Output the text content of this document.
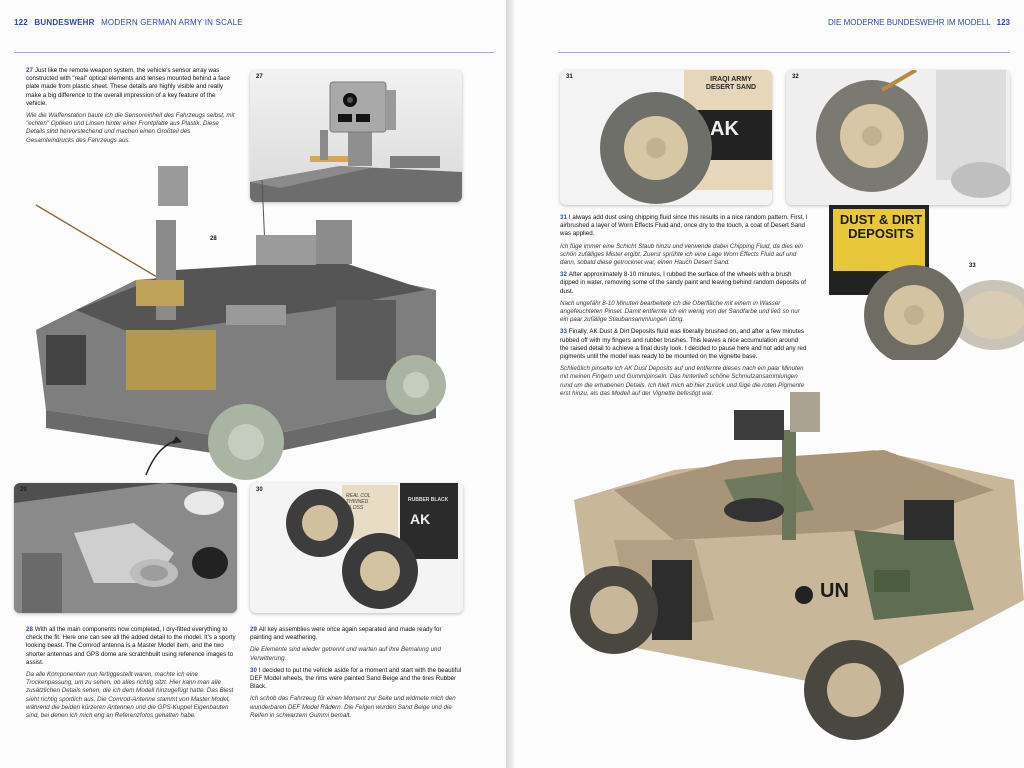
122 BUNDESWEHR MODERN GERMAN ARMY IN SCALE

27 Just like the remote weapon system, the vehicle's sensor array was constructed with "real" optical elements and lenses mounted behind a face plate made from plastic sheet. These details are highly visible and really make a big difference to the overall impression of a key feature of the vehicle.

Wie die Waffenstation baute ich die Sensoreinheit des Fahrzeugs selbst, mit "echten" Optiken und Linsen hinter einer Frontplatte aus Plastik. Diese Details sind hervorstechend und machen einen Großteil des Gesamteindrucks des Fahrzeugs aus.

27
28
29	30
REAL COL
THINNED
GLOSS
RUBBER BLACK
AK

28 With all the main components now completed, I dry-fitted everything to check the fit. Here one can see all the added detail to the model. It's a sporty looking beast. The Comrod antenna is a Master Model item, and the two shorter antennas and GPS dome are scratchbuilt using reference images to assist.

Da alle Komponenten nun fertiggestellt waren, machte ich eine Trockenpassung, um zu sehen, ob alles richtig sitzt. Hier kann man alle zusätzlichen Details sehen, die ich dem Modell hinzugefügt hatte. Das Biest sieht richtig sportlich aus. Die Comrod-Antenne stammt von Master Model, während die beiden kürzeren Antennen und die GPS-Kuppel Eigenbauten sind, bei denen ich mich eng an Referenzfotos gehalten habe.

29 All key assemblies were once again separated and made ready for painting and weathering.

Die Elemente sind wieder getrennt und warten auf ihre Bemalung und Verwitterung.

30 I decided to put the vehicle aside for a moment and start with the beautiful DEF Model wheels, the rims were painted Sand Beige and the tires Rubber Black.

Ich schob das Fahrzeug für einen Moment zur Seite und widmete mich den wunderbaren DEF Model Rädern. Die Felgen wurden Sand Beige und die Reifen in schwarzem Gummi bemalt.

DIE MODERNE BUNDESWEHR IM MODELL 123
31	IRAQI ARMY
DESERT SAND
AK
32
DUST & DIRT
DEPOSITS
33

31 I always add dust using chipping fluid since this results in a nice random pattern. First, I airbrushed a layer of Worn Effects Fluid and, once dry to the touch, a coat of Desert Sand was applied.

Ich füge immer eine Schicht Staub hinzu und verwende dabei Chipping Fluid, da dies ein schön zufälliges Mister ergibt. Zuerst sprühte ich eine Lage Worn Effects Fluid auf und dann, sobald diese getrocknet war, einen Hauch Desert Sand.

32 After approximately 8-10 minutes, I rubbed the surface of the wheels with a brush dipped in water, removing some of the sandy paint and leaving behind random deposits of dust.

Nach ungefähr 8-10 Minuten bearbeitete ich die Oberfläche mit einem in Wasser angefeuchteten Pinsel. Damit entfernte ich ein wenig von der Sandfarbe und ließ so nur ein paar zufällige Staubansammlungen übrig.

33 Finally, AK Dust & Dirt Deposits fluid was liberally brushed on, and after a few minutes rubbed off with my fingers and rubber brushes. This leaves a nice accumulation around the raised detail to achieve a final dusty look. I decided to pause here and not add any red pigments until the model was ready to be mounted on the vignette base.

Schließlich pinselte ich AK Dust Deposits auf und entfernte dieses nach ein paar Minuten mit meinen Fingern und Gummipinseln. Das hinterließ schöne Schmutzansammlungen rund um die erhabenen Details. Ich hielt mich ab hier zurück und füge die roten Pigmente erst hinzu, als das Modell auf der Vignette befestigt war.

UN
